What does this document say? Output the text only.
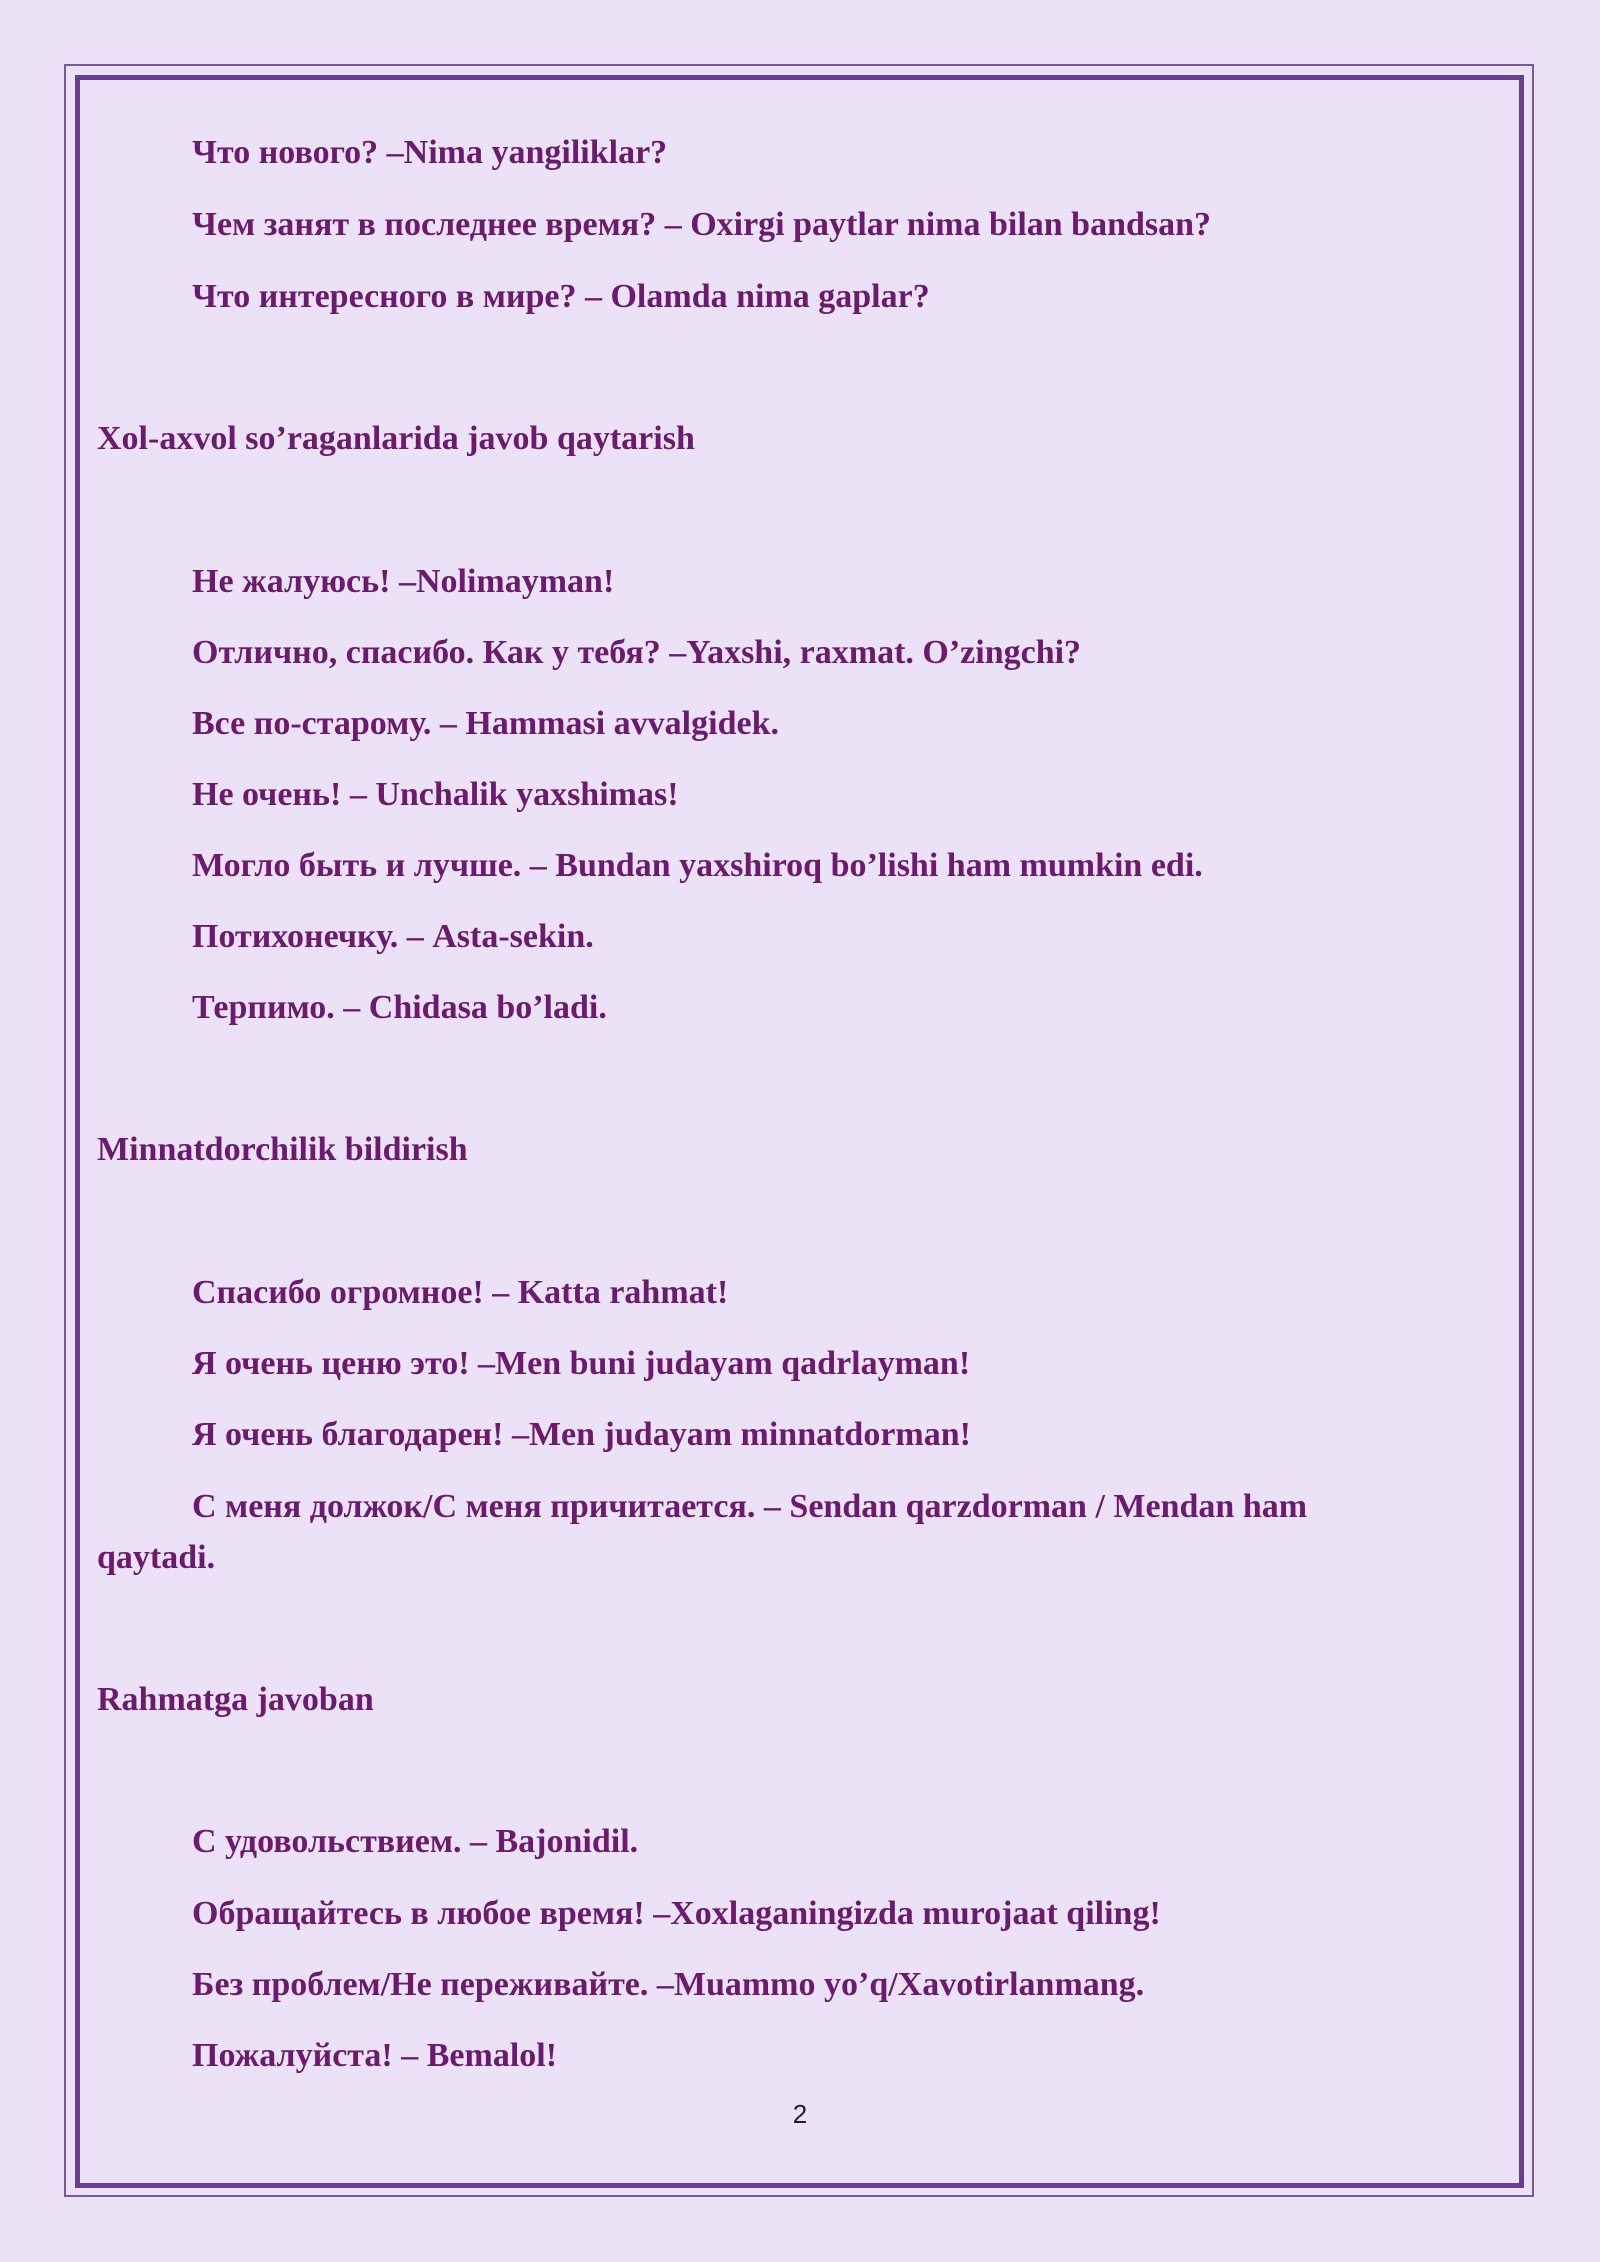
Что нового? –Nima yangiliklar?

Чем занят в последнее время? – Oxirgi paytlar nima bilan bandsan?

Что интересного в мире? – Olamda nima gaplar?

Xol-axvol so’raganlarida javob qaytarish

Не жалуюсь! –Nolimayman!

Отлично, спасибо. Как у тебя? –Yaxshi, raxmat. O’zingchi?

Все по-старому. – Hammasi avvalgidek.

Не очень! – Unchalik yaxshimas!

Могло быть и лучше. – Bundan yaxshiroq bo’lishi ham mumkin edi.

Потихонечку. – Asta-sekin.

Терпимо. – Chidasa bo’ladi.

Minnatdorchilik bildirish

Спасибо огромное! – Katta rahmat!

Я очень ценю это! –Men buni judayam qadrlayman!

Я очень благодарен! –Men judayam minnatdorman!

С меня должок/С меня причитается. – Sendan qarzdorman / Mendan ham

qaytadi.

Rahmatga javoban

С удовольствием. – Bajonidil.

Обращайтесь в любое время! –Xoxlaganingizda murojaat qiling!

Без проблем/Не переживайте. –Muammo yo’q/Xavotirlanmang.

Пожалуйста! – Bemalol!

2
